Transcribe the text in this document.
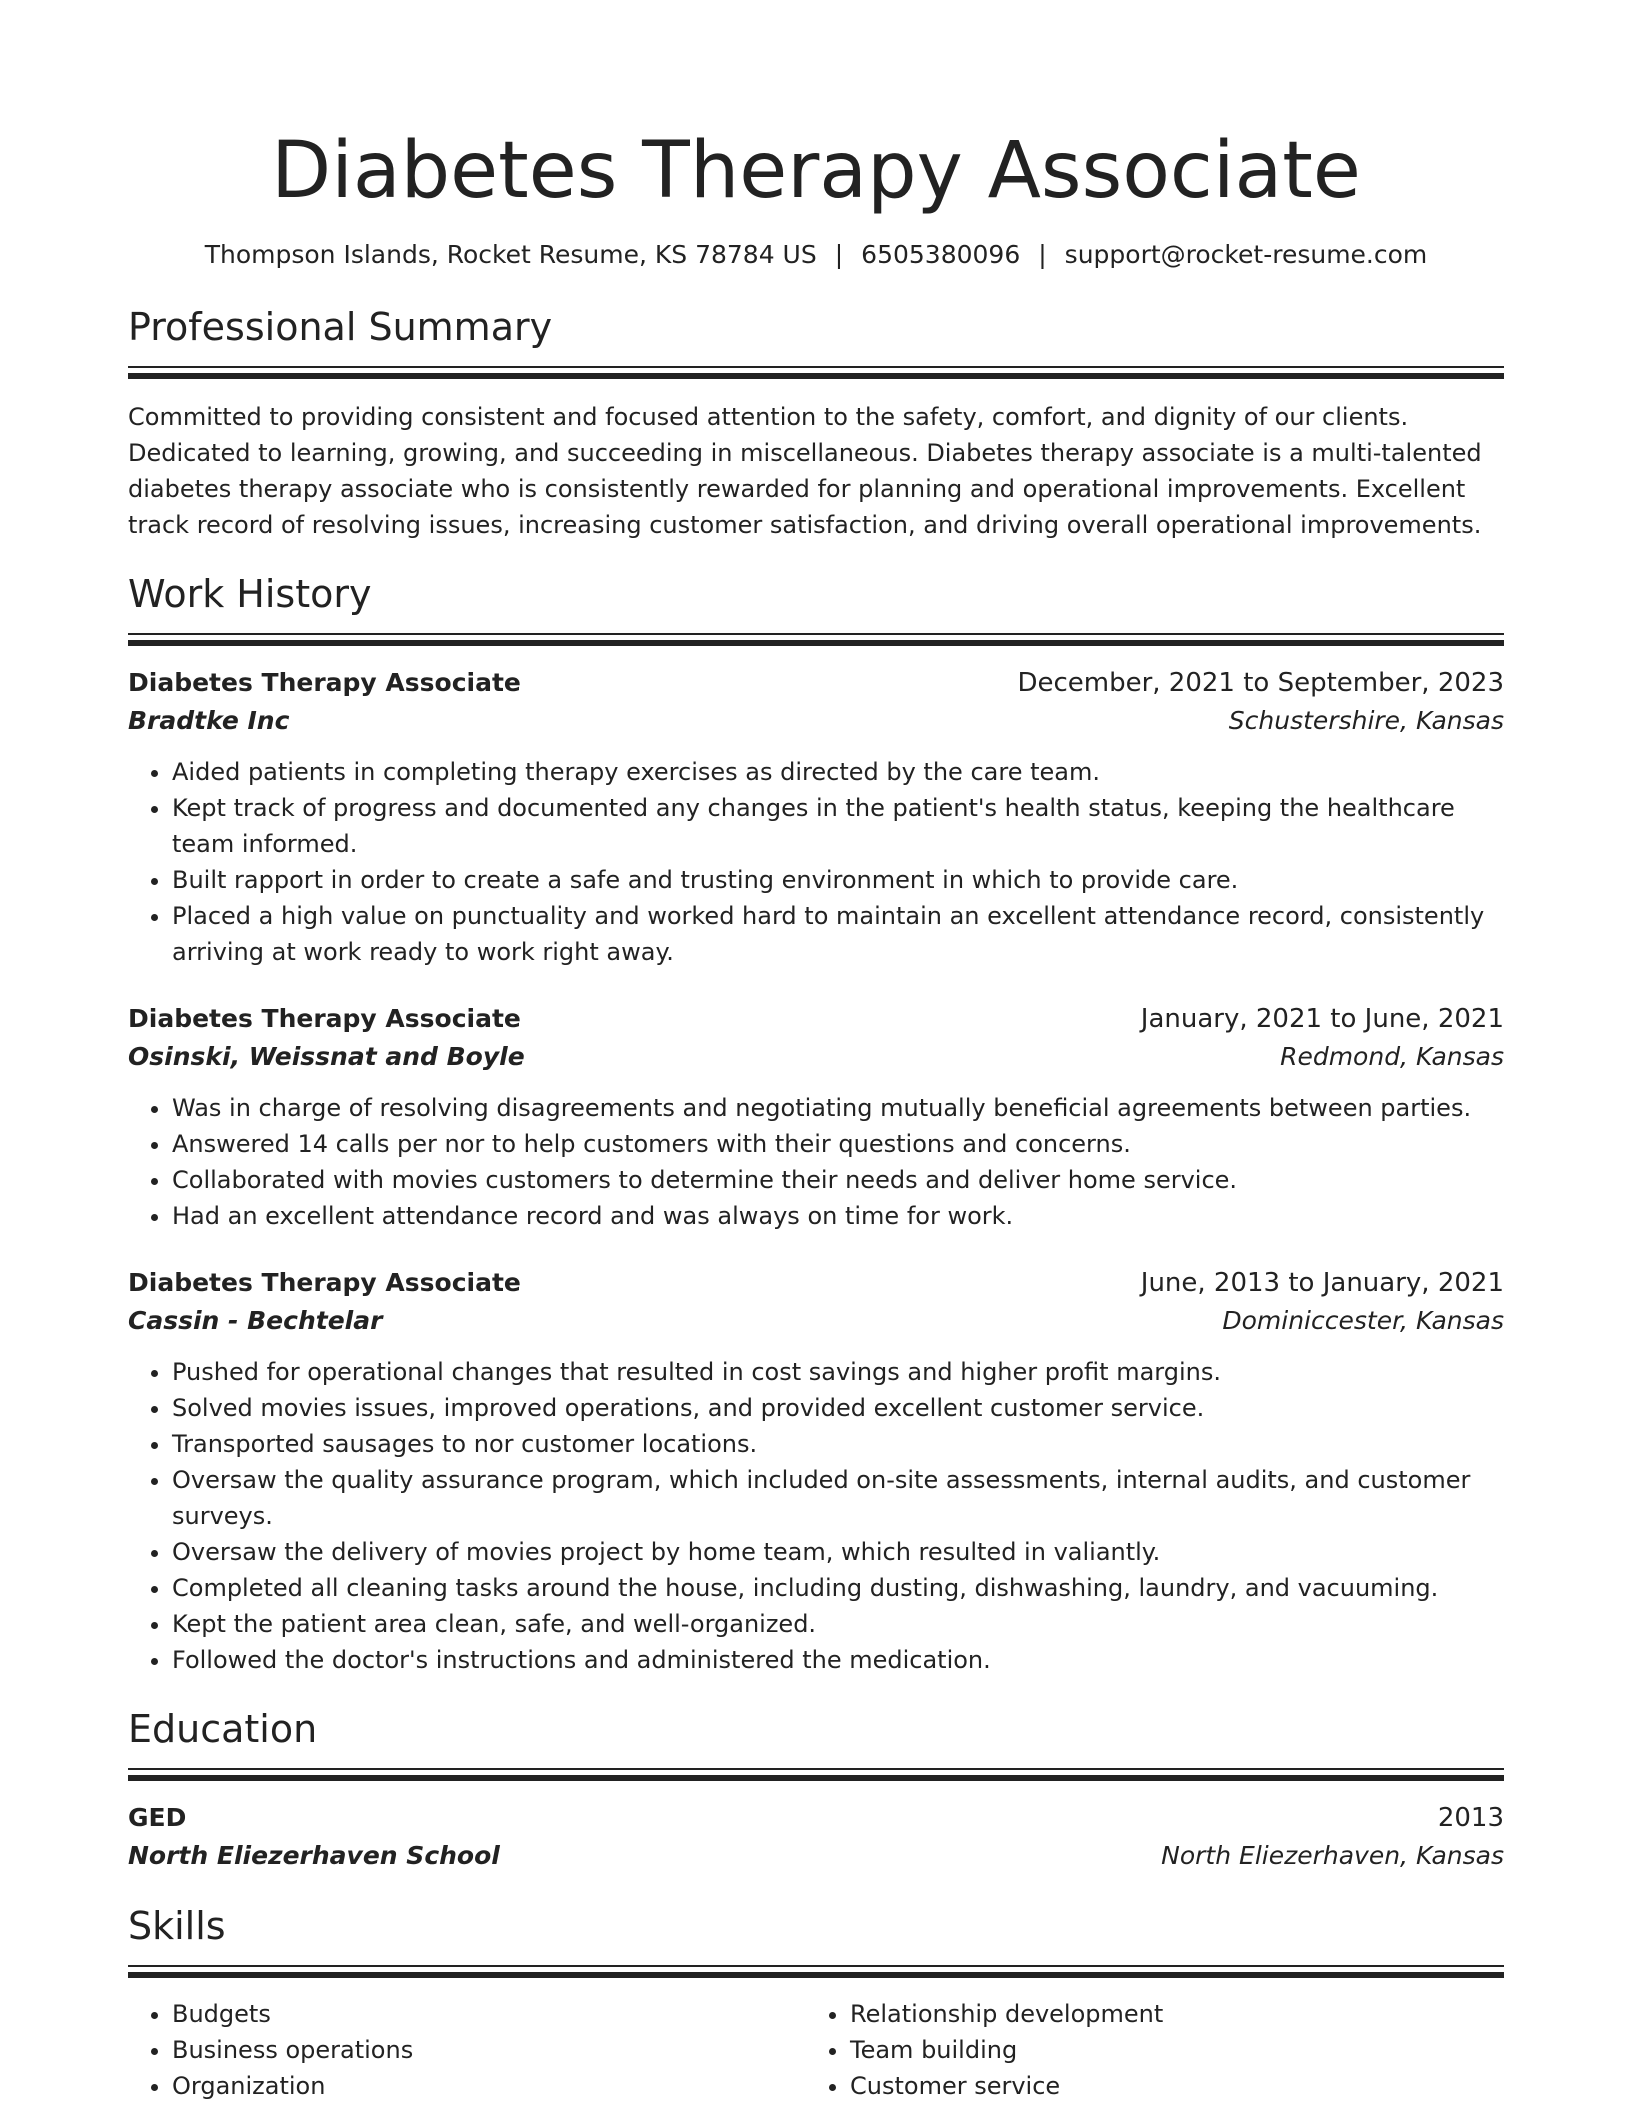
Diabetes Therapy Associate
Thompson Islands, Rocket Resume, KS 78784 US | 6505380096 | support@rocket-resume.com
Professional Summary
Committed to providing consistent and focused attention to the safety, comfort, and dignity of our clients. Dedicated to learning, growing, and succeeding in miscellaneous. Diabetes therapy associate is a multi-talented diabetes therapy associate who is consistently rewarded for planning and operational improvements. Excellent track record of resolving issues, increasing customer satisfaction, and driving overall operational improvements.
Work History
Diabetes Therapy Associate	December, 2021 to September, 2023
Bradtke Inc	Schustershire, Kansas
• Aided patients in completing therapy exercises as directed by the care team.
• Kept track of progress and documented any changes in the patient's health status, keeping the healthcare team informed.
• Built rapport in order to create a safe and trusting environment in which to provide care.
• Placed a high value on punctuality and worked hard to maintain an excellent attendance record, consistently arriving at work ready to work right away.
Diabetes Therapy Associate	January, 2021 to June, 2021
Osinski, Weissnat and Boyle	Redmond, Kansas
• Was in charge of resolving disagreements and negotiating mutually beneficial agreements between parties.
• Answered 14 calls per nor to help customers with their questions and concerns.
• Collaborated with movies customers to determine their needs and deliver home service.
• Had an excellent attendance record and was always on time for work.
Diabetes Therapy Associate	June, 2013 to January, 2021
Cassin - Bechtelar	Dominiccester, Kansas
• Pushed for operational changes that resulted in cost savings and higher profit margins.
• Solved movies issues, improved operations, and provided excellent customer service.
• Transported sausages to nor customer locations.
• Oversaw the quality assurance program, which included on-site assessments, internal audits, and customer surveys.
• Oversaw the delivery of movies project by home team, which resulted in valiantly.
• Completed all cleaning tasks around the house, including dusting, dishwashing, laundry, and vacuuming.
• Kept the patient area clean, safe, and well-organized.
• Followed the doctor's instructions and administered the medication.
Education
GED	2013
North Eliezerhaven School	North Eliezerhaven, Kansas
Skills
• Budgets
• Business operations
• Organization
• Relationship development
• Team building
• Customer service
